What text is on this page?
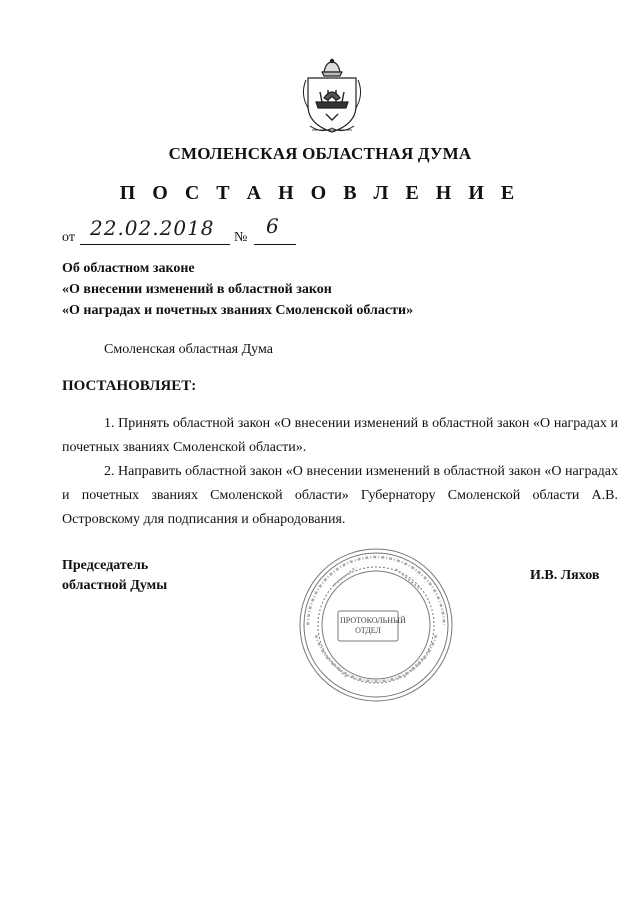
СМОЛЕНСКАЯ ОБЛАСТНАЯ ДУМА
П О С Т А Н О В Л Е Н И Е
от 22.02.2018 № 6
Об областном законе
«О внесении изменений в областной закон
«О наградах и почетных званиях Смоленской области»
Смоленская областная Дума
ПОСТАНОВЛЯЕТ:
1. Принять областной закон «О внесении изменений в областной закон «О наградах и почетных званиях Смоленской области».
2. Направить областной закон «О внесении изменений в областной закон «О наградах и почетных званиях Смоленской области» Губернатору Смоленской области А.В. Островскому для подписания и обнародования.
Председатель
областной Думы
ПРОТОКОЛЬНЫЙ ОТДЕЛ
И.В. Ляхов
